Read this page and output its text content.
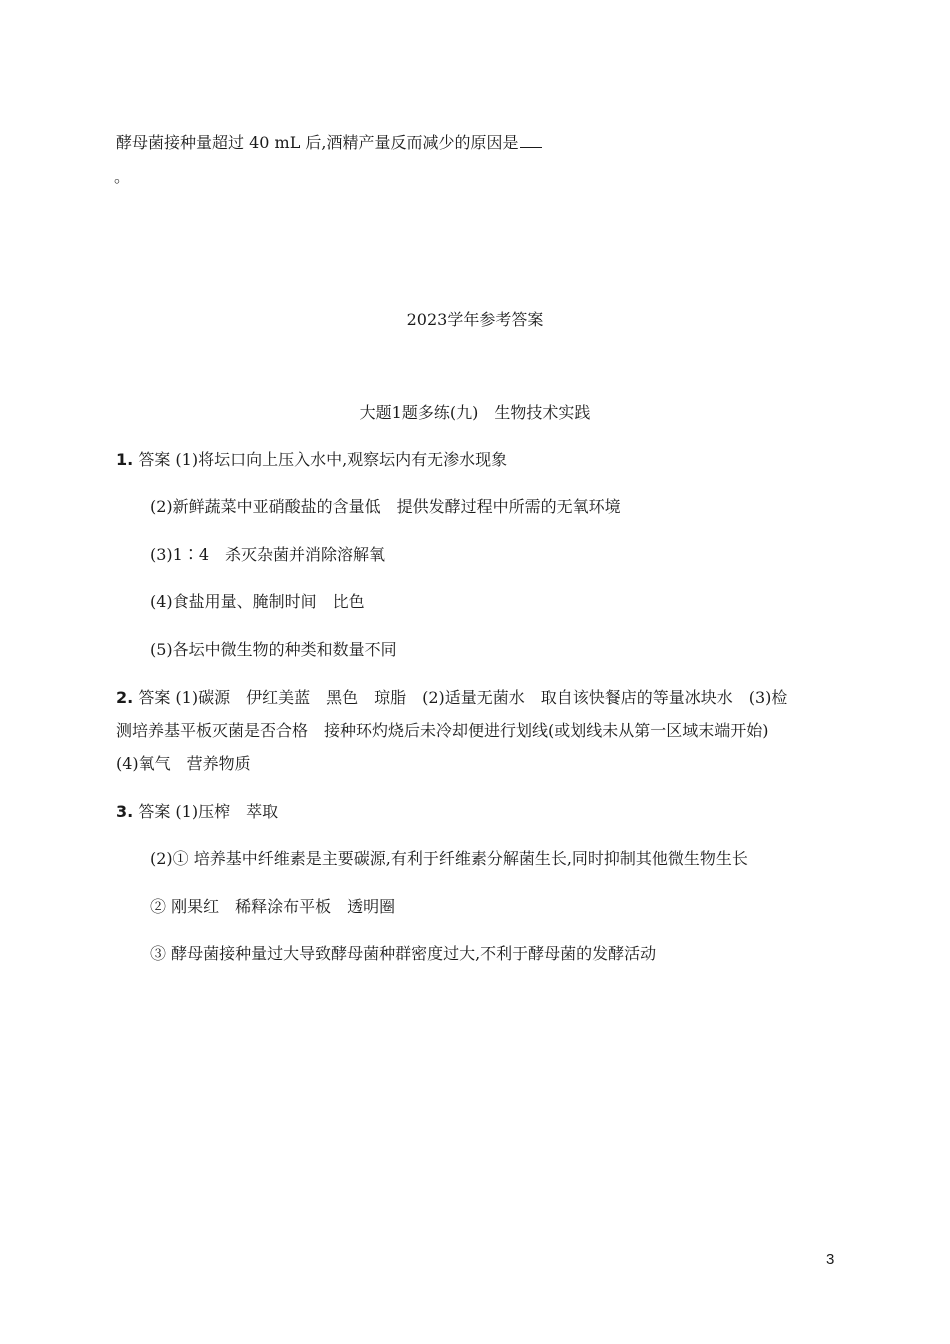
酵母菌接种量超过 40 mL 后,酒精产量反而减少的原因是
。
2023学年参考答案
大题1题多练(九)　生物技术实践
1. 答案 (1)将坛口向上压入水中,观察坛内有无渗水现象
(2)新鲜蔬菜中亚硝酸盐的含量低　提供发酵过程中所需的无氧环境
(3)1∶4　杀灭杂菌并消除溶解氧
(4)食盐用量、腌制时间　比色
(5)各坛中微生物的种类和数量不同
2. 答案 (1)碳源　伊红美蓝　黑色　琼脂　(2)适量无菌水　取自该快餐店的等量冰块水　(3)检
测培养基平板灭菌是否合格　接种环灼烧后未冷却便进行划线(或划线未从第一区域末端开始)
(4)氧气　营养物质
3. 答案 (1)压榨　萃取
(2)① 培养基中纤维素是主要碳源,有利于纤维素分解菌生长,同时抑制其他微生物生长
② 刚果红　稀释涂布平板　透明圈
③ 酵母菌接种量过大导致酵母菌种群密度过大,不利于酵母菌的发酵活动
3
